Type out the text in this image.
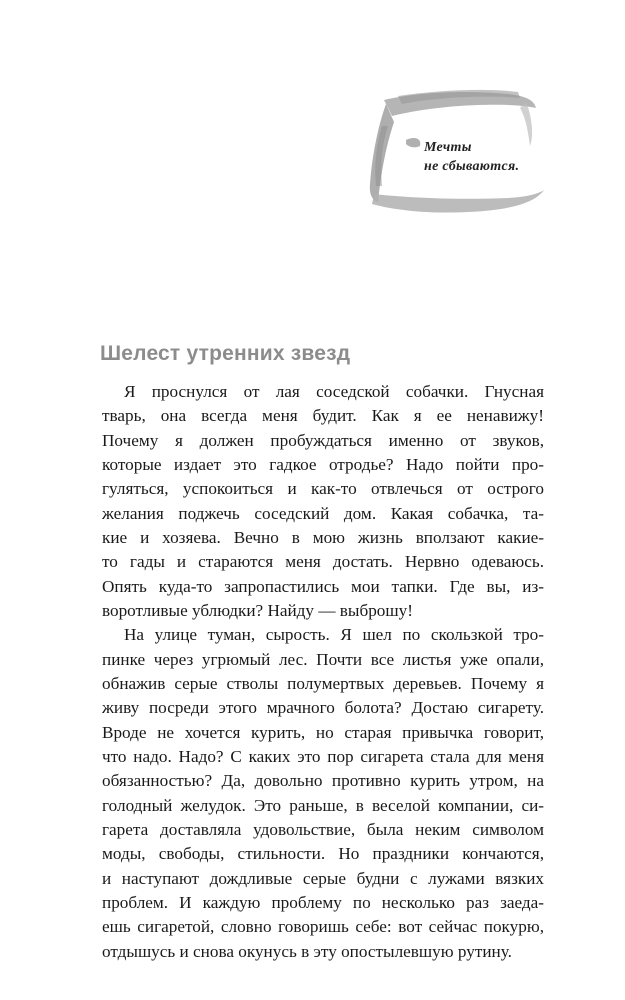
Мечты
не сбываются.
Шелест утренних звезд
Я проснулся от лая соседской собачки. Гнусная
тварь, она всегда меня будит. Как я ее ненавижу!
Почему я должен пробуждаться именно от звуков,
которые издает это гадкое отродье? Надо пойти про-
гуляться, успокоиться и как-то отвлечься от острого
желания поджечь соседский дом. Какая собачка, та-
кие и хозяева. Вечно в мою жизнь вползают какие-
то гады и стараются меня достать. Нервно одеваюсь.
Опять куда-то запропастились мои тапки. Где вы, из-
воротливые ублюдки? Найду — выброшу!
На улице туман, сырость. Я шел по скользкой тро-
пинке через угрюмый лес. Почти все листья уже опали,
обнажив серые стволы полумертвых деревьев. Почему я
живу посреди этого мрачного болота? Достаю сигарету.
Вроде не хочется курить, но старая привычка говорит,
что надо. Надо? С каких это пор сигарета стала для меня
обязанностью? Да, довольно противно курить утром, на
голодный желудок. Это раньше, в веселой компании, си-
гарета доставляла удовольствие, была неким символом
моды, свободы, стильности. Но праздники кончаются,
и наступают дождливые серые будни с лужами вязких
проблем. И каждую проблему по несколько раз заеда-
ешь сигаретой, словно говоришь себе: вот сейчас покурю,
отдышусь и снова окунусь в эту опостылевшую рутину.
